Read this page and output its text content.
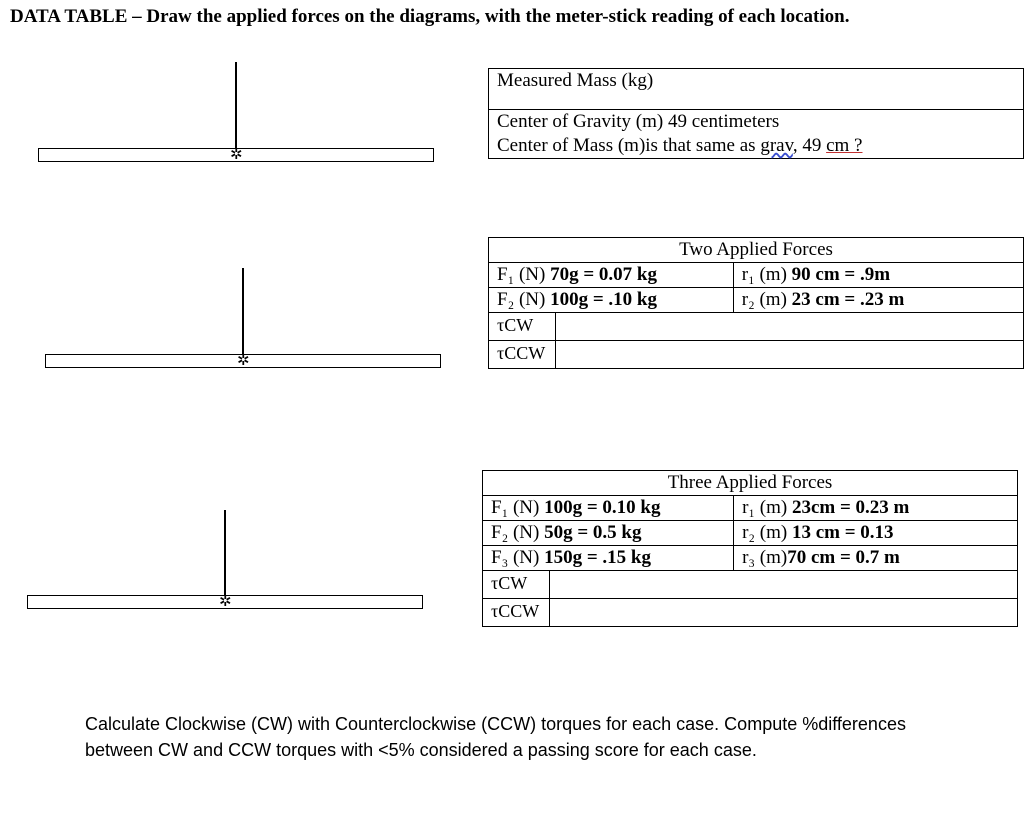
DATA TABLE – Draw the applied forces on the diagrams, with the meter-stick reading of each location.
✲
✲
✲
Measured Mass (kg)

Center of Gravity (m) 49 centimeters
Center of Mass (m)is that same as grav, 49 cm ?
Two Applied Forces		
F₁ (N) 70g = 0.07 kg		r₁ (m) 90 cm = .9m
F₂ (N) 100g = .10 kg		r₂ (m) 23 cm = .23 m
τCW		
τCCW		
Three Applied Forces		
F₁ (N) 100g = 0.10 kg		r₁ (m) 23cm = 0.23 m
F₂ (N) 50g = 0.5 kg		r₂ (m) 13 cm = 0.13
F₃ (N) 150g = .15 kg		r₃ (m)70 cm = 0.7 m
τCW		
τCCW		
Calculate Clockwise (CW) with Counterclockwise (CCW) torques for each case. Compute %differences between CW and CCW torques with <5% considered a passing score for each case.
